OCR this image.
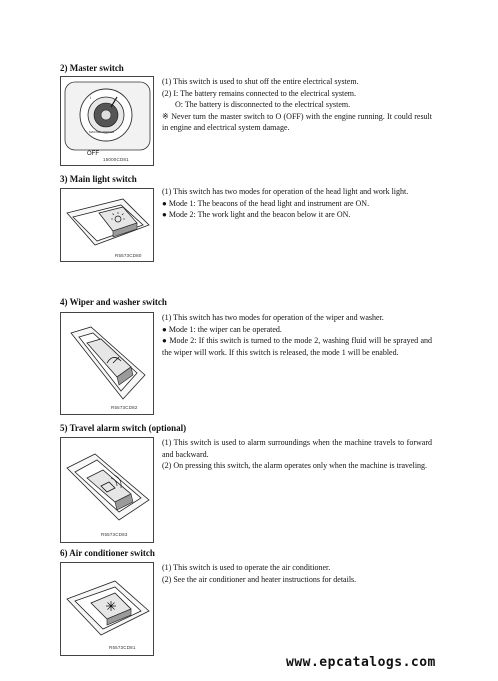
2) Master switch
I
MASTER SWITCH
15000CD81
OFF

(1) This switch is used to shut off the entire electrical system.

(2) I: The battery remains connected to the electrical system.

O: The battery is disconnected to the electrical system.

※ Never turn the master switch to O (OFF) with the engine running. It could result in engine and electrical system damage.

3) Main light switch
R5573CD80

(1) This switch has two modes for operation of the head light and work light.

● Mode 1: The beacons of the head light and instrument are ON.

● Mode 2: The work light and the beacon below it are ON.

4) Wiper and washer switch
R5573CD82

(1) This switch has two modes for operation of the wiper and washer.

● Mode 1: the wiper can be operated.

● Mode 2: If this switch is turned to the mode 2, washing fluid will be sprayed and the wiper will work. If this switch is released, the mode 1 will be enabled.

5) Travel alarm switch (optional)
R5573CD83

(1) This switch is used to alarm surroundings when the machine travels to forward and backward.

(2) On pressing this switch, the alarm operates only when the machine is traveling.

6) Air conditioner switch
R5573CD81

(1) This switch is used to operate the air conditioner.

(2) See the air conditioner and heater instructions for details.

www.epcatalogs.com
